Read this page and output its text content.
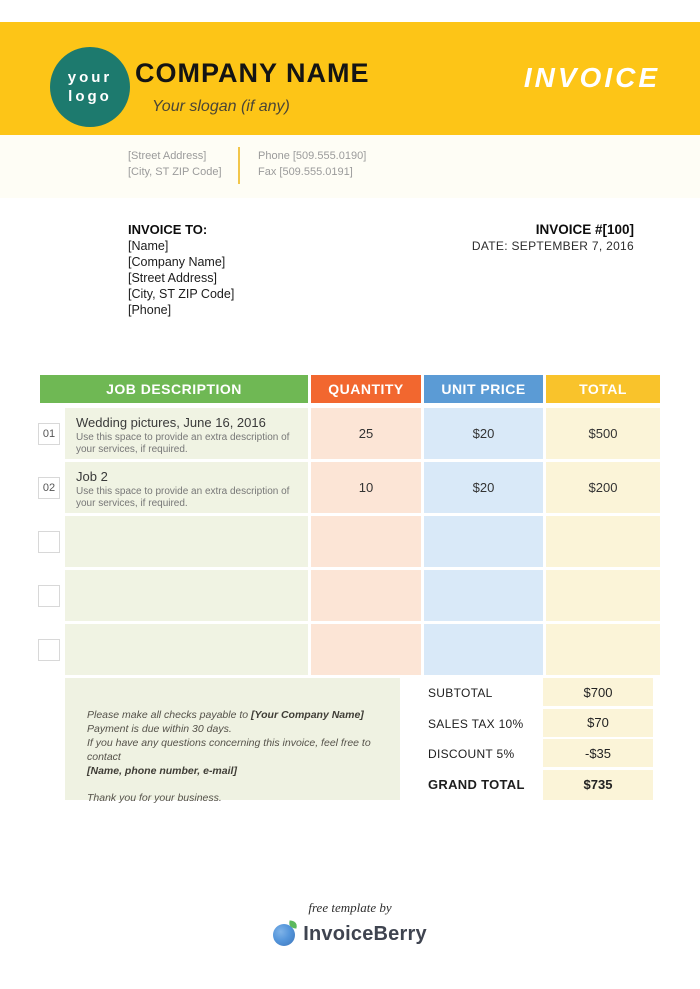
your
logo
COMPANY NAME
Your slogan (if any)
INVOICE
[Street Address]
[City, ST ZIP Code]
Phone [509.555.0190]
Fax [509.555.0191]
INVOICE TO:
[Name]
[Company Name]
[Street Address]
[City, ST ZIP Code]
[Phone]
INVOICE #[100]
DATE: SEPTEMBER 7, 2016
JOB DESCRIPTION	QUANTITY	UNIT PRICE	TOTAL
01
Wedding pictures, June 16, 2016
Use this space to provide an extra description of your services, if required.
25	$20	$500
02
Job 2
Use this space to provide an extra description of your services, if required.
10	$20	$200
Please make all checks payable to [Your Company Name]
Payment is due within 30 days.
If you have any questions concerning this invoice, feel free to contact
[Name, phone number, e-mail]
Thank you for your business.
SUBTOTAL	$700
SALES TAX 10%	$70
DISCOUNT 5%	-$35
GRAND TOTAL	$735
free template by
InvoiceBerry
